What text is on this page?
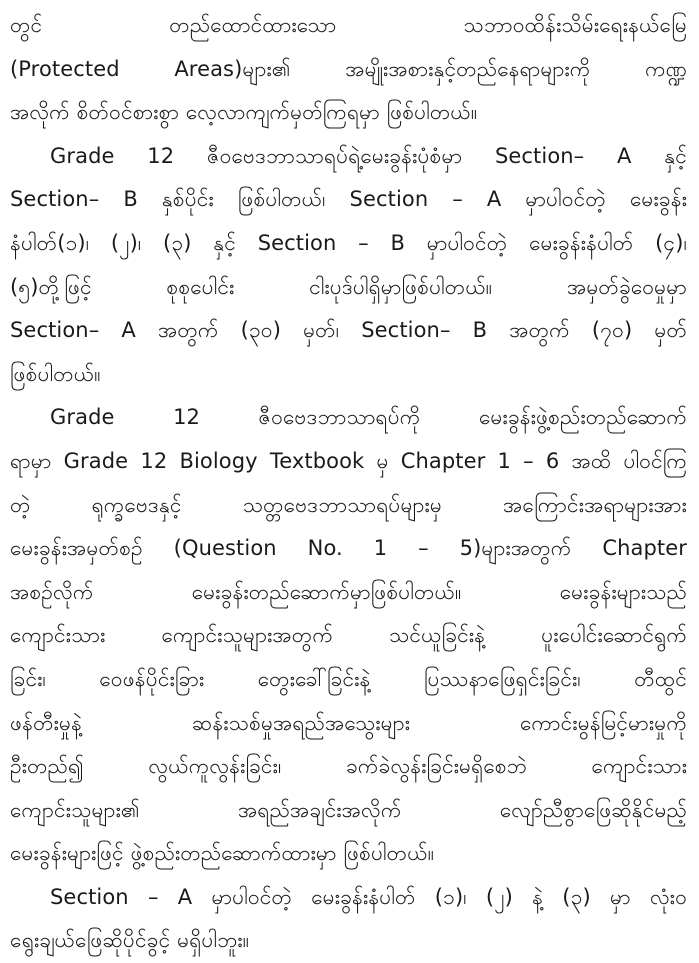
တွင် တည်ထောင်ထားသော သဘာဝထိန်းသိမ်းရေးနယ်မြေ
(Protected Areas)များ၏ အမျိုးအစားနှင့်တည်နေရာများကို ကဏ္ဍ
အလိုက် စိတ်ဝင်စားစွာ လေ့လာကျက်မှတ်ကြရမှာ ဖြစ်ပါတယ်။
Grade 12 ဇီဝဗေဒဘာသာရပ်ရဲ့မေးခွန်းပုံစံမှာ Section– A နှင့်
Section– B နှစ်ပိုင်း ဖြစ်ပါတယ်၊ Section – A မှာပါဝင်တဲ့ မေးခွန်း
နံပါတ်(၁)၊ (၂)၊ (၃) နှင့် Section – B မှာပါဝင်တဲ့ မေးခွန်းနံပါတ် (၄)၊
(၅)တို့ဖြင့် စုစုပေါင်း ငါးပုဒ်ပါရှိမှာဖြစ်ပါတယ်။ အမှတ်ခွဲဝေမှုမှာ
Section– A အတွက် (၃၀) မှတ်၊ Section– B အတွက် (၇၀) မှတ်
ဖြစ်ပါတယ်။
Grade 12 ဇီဝဗေဒဘာသာရပ်ကို မေးခွန်းဖွဲ့စည်းတည်ဆောက်
ရာမှာ Grade 12 Biology Textbook မှ Chapter 1 – 6 အထိ ပါဝင်ကြ
တဲ့ ရုက္ခဗေဒနှင့် သတ္တဗေဒဘာသာရပ်များမှ အကြောင်းအရာများအား
မေးခွန်းအမှတ်စဉ် (Question No. 1 – 5)များအတွက် Chapter
အစဉ်လိုက် မေးခွန်းတည်ဆောက်မှာဖြစ်ပါတယ်။ မေးခွန်းများသည်
ကျောင်းသား ကျောင်းသူများအတွက် သင်ယူခြင်းနဲ့ ပူးပေါင်းဆောင်ရွက်
ခြင်း၊ ဝေဖန်ပိုင်းခြား တွေးခေါ်ခြင်းနဲ့ ပြဿနာဖြေရှင်းခြင်း၊ တီထွင်
ဖန်တီးမှုနဲ့ ဆန်းသစ်မှုအရည်အသွေးများ ကောင်းမွန်မြင့်မားမှုကို
ဦးတည်၍ လွယ်ကူလွန်းခြင်း၊ ခက်ခဲလွန်းခြင်းမရှိစေဘဲ ကျောင်းသား
ကျောင်းသူများ၏ အရည်အချင်းအလိုက် လျော်ညီစွာဖြေဆိုနိုင်မည့်
မေးခွန်းများဖြင့် ဖွဲ့စည်းတည်ဆောက်ထားမှာ ဖြစ်ပါတယ်။
Section – A မှာပါဝင်တဲ့ မေးခွန်းနံပါတ် (၁)၊ (၂) နဲ့ (၃) မှာ လုံးဝ
ရွေးချယ်ဖြေဆိုပိုင်ခွင့် မရှိပါဘူး။
